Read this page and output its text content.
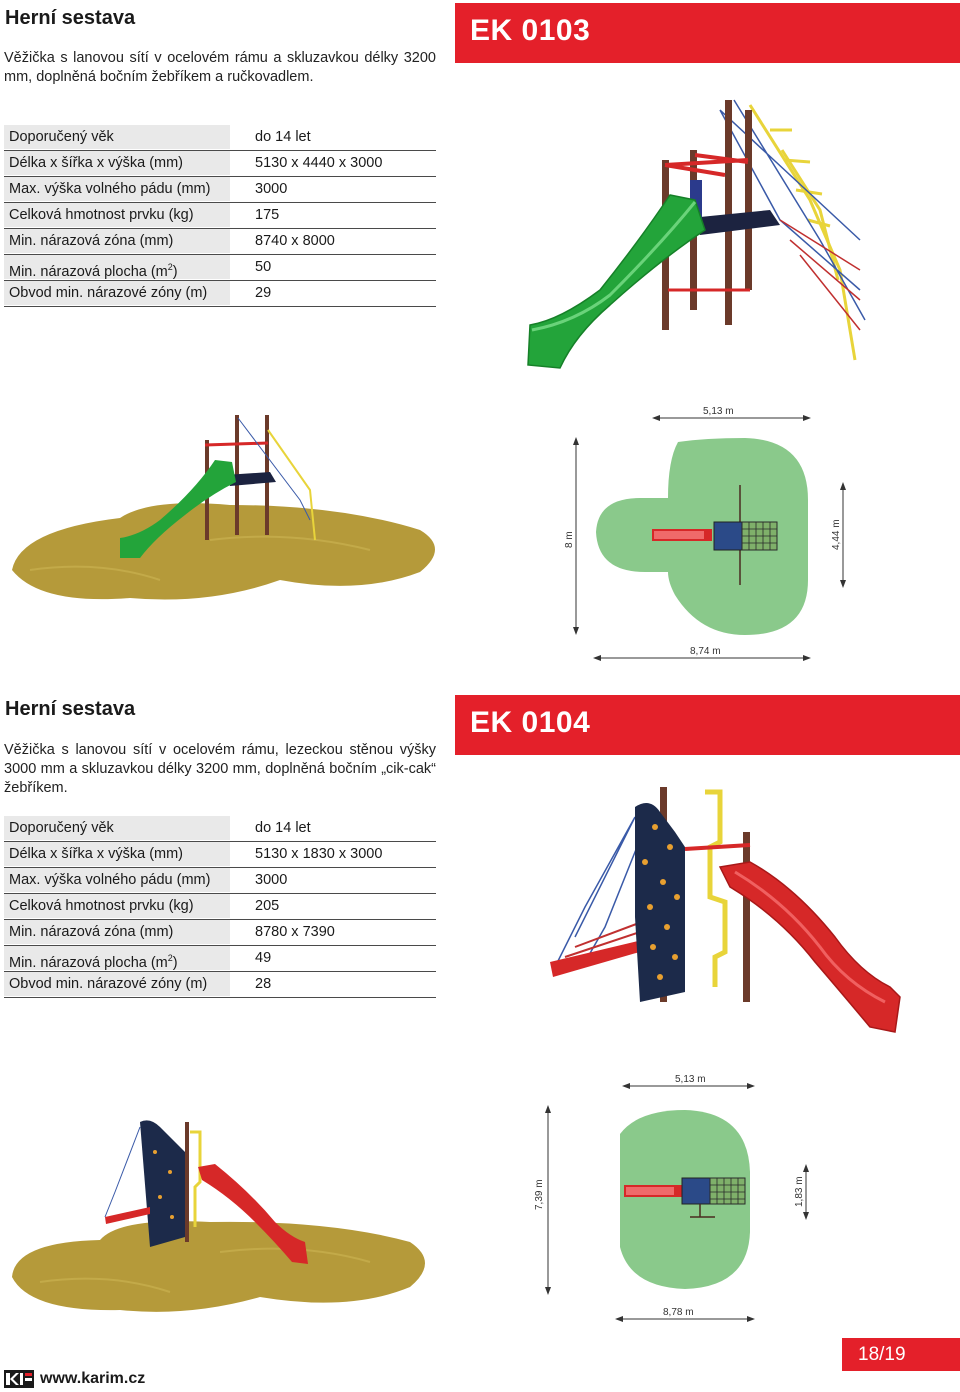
Herní sestava
Věžička s lanovou sítí v ocelovém rámu a skluzavkou délky 3200 mm, doplněná bočním žebříkem a ručkovadlem.
EK 0103
Doporučený věk	do 14 let
Délka x šířka x výška (mm)	5130 x 4440 x 3000
Max. výška volného pádu (mm)	3000
Celková hmotnost prvku (kg)	175
Min. nárazová zóna (mm)	8740 x 8000
Min. nárazová plocha $(m^2)$	50
Obvod min. nárazové zóny (m)	29
5,13 m
8 m	4,44 m
8,74 m
Herní sestava
Věžička s lanovou sítí v ocelovém rámu, lezeckou stěnou výšky 3000 mm a skluzavkou délky 3200 mm, doplněná bočním „cik-cak“ žebříkem.
EK 0104
Doporučený věk	do 14 let
Délka x šířka x výška (mm)	5130 x 1830 x 3000
Max. výška volného pádu (mm)	3000
Celková hmotnost prvku (kg)	205
Min. nárazová zóna (mm)	8780 x 7390
Min. nárazová plocha $(m^2)$	49
Obvod min. nárazové zóny (m)	28
5,13 m
7,39 m	1,83 m
8,78 m
www.karim.cz
18/19
